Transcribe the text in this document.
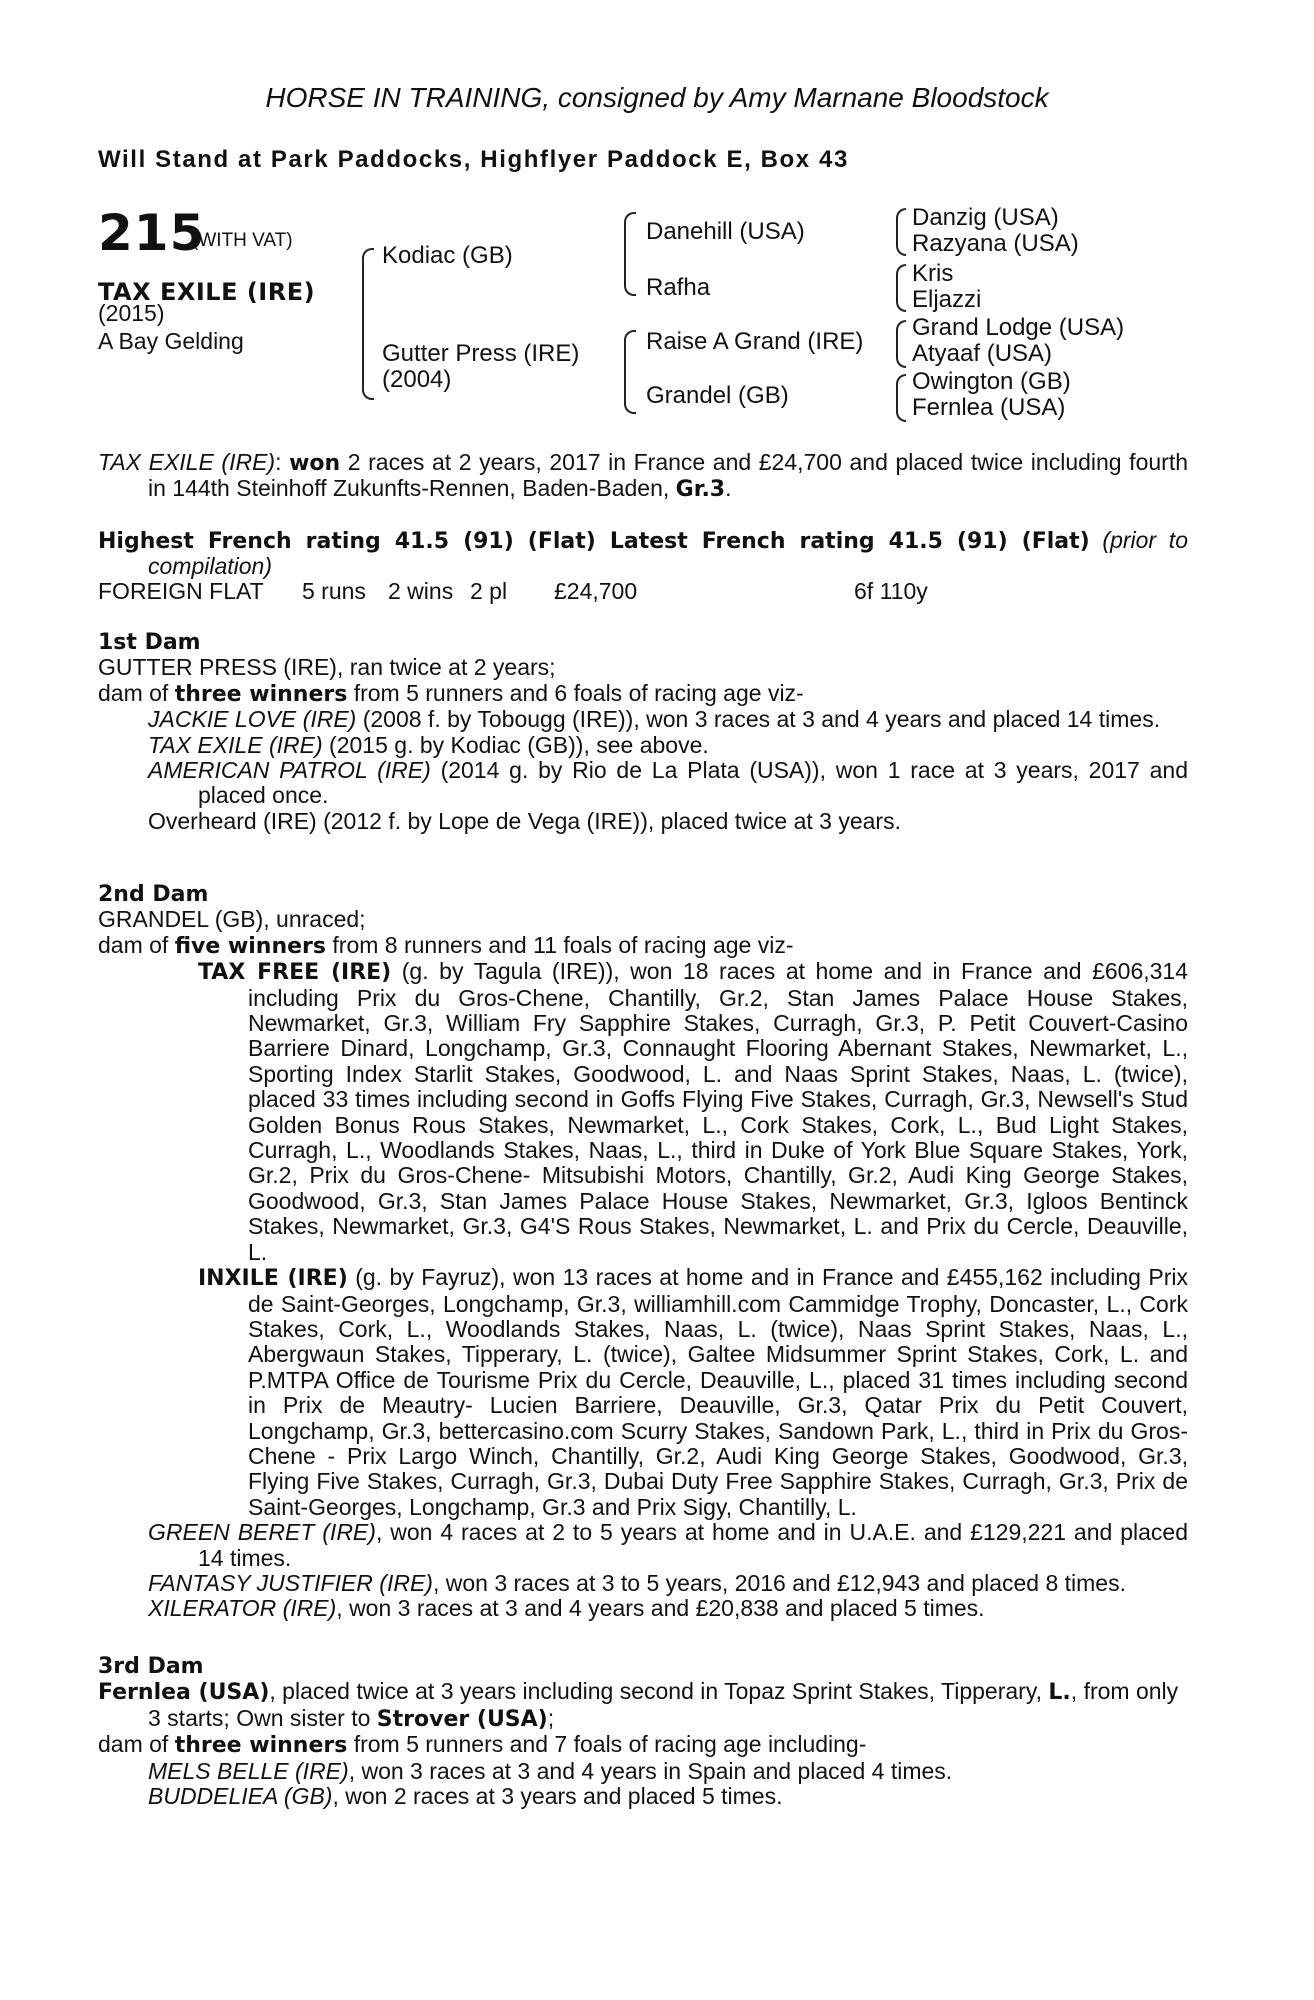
HORSE IN TRAINING, consigned by Amy Marnane Bloodstock
Will Stand at Park Paddocks, Highflyer Paddock E, Box 43
215
(WITH VAT)
TAX EXILE (IRE)
(2015)
A Bay Gelding
Kodiac (GB)
Gutter Press (IRE)
(2004)
Danehill (USA)
Rafha
Raise A Grand (IRE)
Grandel (GB)
Danzig (USA)
Razyana (USA)
Kris
Eljazzi
Grand Lodge (USA)
Atyaaf (USA)
Owington (GB)
Fernlea (USA)
TAX EXILE (IRE): won 2 races at 2 years, 2017 in France and £24,700 and placed twice including fourth in 144th Steinhoff Zukunfts-Rennen, Baden-Baden, Gr.3.
Highest French rating 41.5 (91) (Flat) Latest French rating 41.5 (91) (Flat) (prior to compilation)
FOREIGN FLAT 5 runs 2 wins 2 pl £24,700	6f 110y
1st Dam
GUTTER PRESS (IRE), ran twice at 2 years;
dam of three winners from 5 runners and 6 foals of racing age viz-
JACKIE LOVE (IRE) (2008 f. by Tobougg (IRE)), won 3 races at 3 and 4 years and placed 14 times.
TAX EXILE (IRE) (2015 g. by Kodiac (GB)), see above.
AMERICAN PATROL (IRE) (2014 g. by Rio de La Plata (USA)), won 1 race at 3 years, 2017 and placed once.
Overheard (IRE) (2012 f. by Lope de Vega (IRE)), placed twice at 3 years.
2nd Dam
GRANDEL (GB), unraced;
dam of five winners from 8 runners and 11 foals of racing age viz-
TAX FREE (IRE) (g. by Tagula (IRE)), won 18 races at home and in France and £606,314 including Prix du Gros-Chene, Chantilly, Gr.2, Stan James Palace House Stakes, Newmarket, Gr.3, William Fry Sapphire Stakes, Curragh, Gr.3, P. Petit Couvert-Casino Barriere Dinard, Longchamp, Gr.3, Connaught Flooring Abernant Stakes, Newmarket, L., Sporting Index Starlit Stakes, Goodwood, L. and Naas Sprint Stakes, Naas, L. (twice), placed 33 times including second in Goffs Flying Five Stakes, Curragh, Gr.3, Newsell's Stud Golden Bonus Rous Stakes, Newmarket, L., Cork Stakes, Cork, L., Bud Light Stakes, Curragh, L., Woodlands Stakes, Naas, L., third in Duke of York Blue Square Stakes, York, Gr.2, Prix du Gros-Chene- Mitsubishi Motors, Chantilly, Gr.2, Audi King George Stakes, Goodwood, Gr.3, Stan James Palace House Stakes, Newmarket, Gr.3, Igloos Bentinck Stakes, Newmarket, Gr.3, G4'S Rous Stakes, Newmarket, L. and Prix du Cercle, Deauville, L.
INXILE (IRE) (g. by Fayruz), won 13 races at home and in France and £455,162 including Prix de Saint-Georges, Longchamp, Gr.3, williamhill.com Cammidge Trophy, Doncaster, L., Cork Stakes, Cork, L., Woodlands Stakes, Naas, L. (twice), Naas Sprint Stakes, Naas, L., Abergwaun Stakes, Tipperary, L. (twice), Galtee Midsummer Sprint Stakes, Cork, L. and P.MTPA Office de Tourisme Prix du Cercle, Deauville, L., placed 31 times including second in Prix de Meautry- Lucien Barriere, Deauville, Gr.3, Qatar Prix du Petit Couvert, Longchamp, Gr.3, bettercasino.com Scurry Stakes, Sandown Park, L., third in Prix du Gros-Chene - Prix Largo Winch, Chantilly, Gr.2, Audi King George Stakes, Goodwood, Gr.3, Flying Five Stakes, Curragh, Gr.3, Dubai Duty Free Sapphire Stakes, Curragh, Gr.3, Prix de Saint-Georges, Longchamp, Gr.3 and Prix Sigy, Chantilly, L.
GREEN BERET (IRE), won 4 races at 2 to 5 years at home and in U.A.E. and £129,221 and placed 14 times.
FANTASY JUSTIFIER (IRE), won 3 races at 3 to 5 years, 2016 and £12,943 and placed 8 times.
XILERATOR (IRE), won 3 races at 3 and 4 years and £20,838 and placed 5 times.
3rd Dam
Fernlea (USA), placed twice at 3 years including second in Topaz Sprint Stakes, Tipperary, L., from only 3 starts; Own sister to Strover (USA);
dam of three winners from 5 runners and 7 foals of racing age including-
MELS BELLE (IRE), won 3 races at 3 and 4 years in Spain and placed 4 times.
BUDDELIEA (GB), won 2 races at 3 years and placed 5 times.
